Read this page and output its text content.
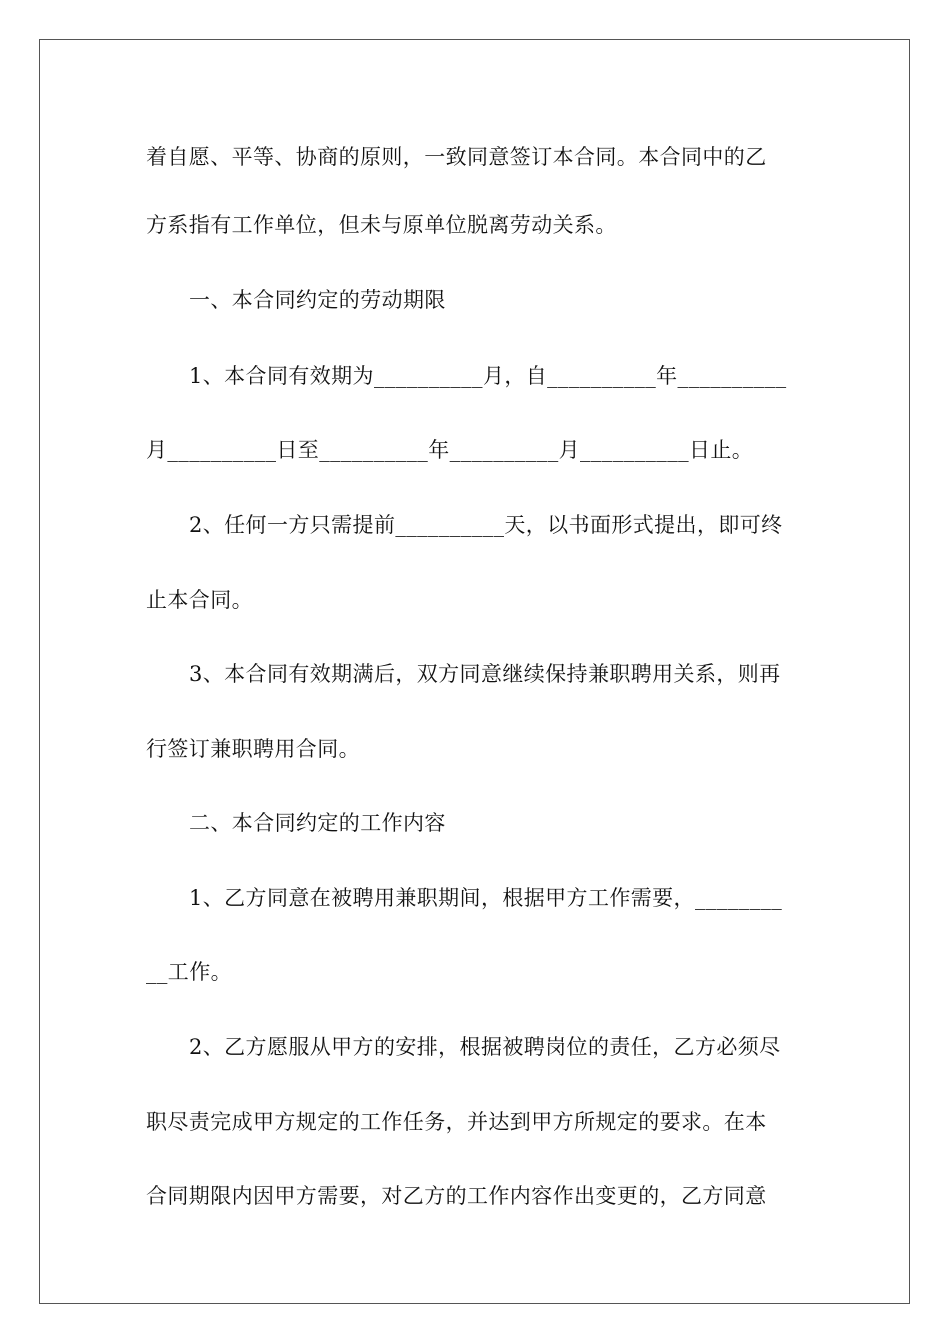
着自愿、平等、协商的原则，一致同意签订本合同。本合同中的乙
方系指有工作单位，但未与原单位脱离劳动关系。
一、本合同约定的劳动期限
1、本合同有效期为__________月，自__________年__________
月__________日至__________年__________月__________日止。
2、任何一方只需提前__________天，以书面形式提出，即可终
止本合同。
3、本合同有效期满后，双方同意继续保持兼职聘用关系，则再
行签订兼职聘用合同。
二、本合同约定的工作内容
1、乙方同意在被聘用兼职期间，根据甲方工作需要，________
__工作。
2、乙方愿服从甲方的安排，根据被聘岗位的责任，乙方必须尽
职尽责完成甲方规定的工作任务，并达到甲方所规定的要求。在本
合同期限内因甲方需要，对乙方的工作内容作出变更的，乙方同意
